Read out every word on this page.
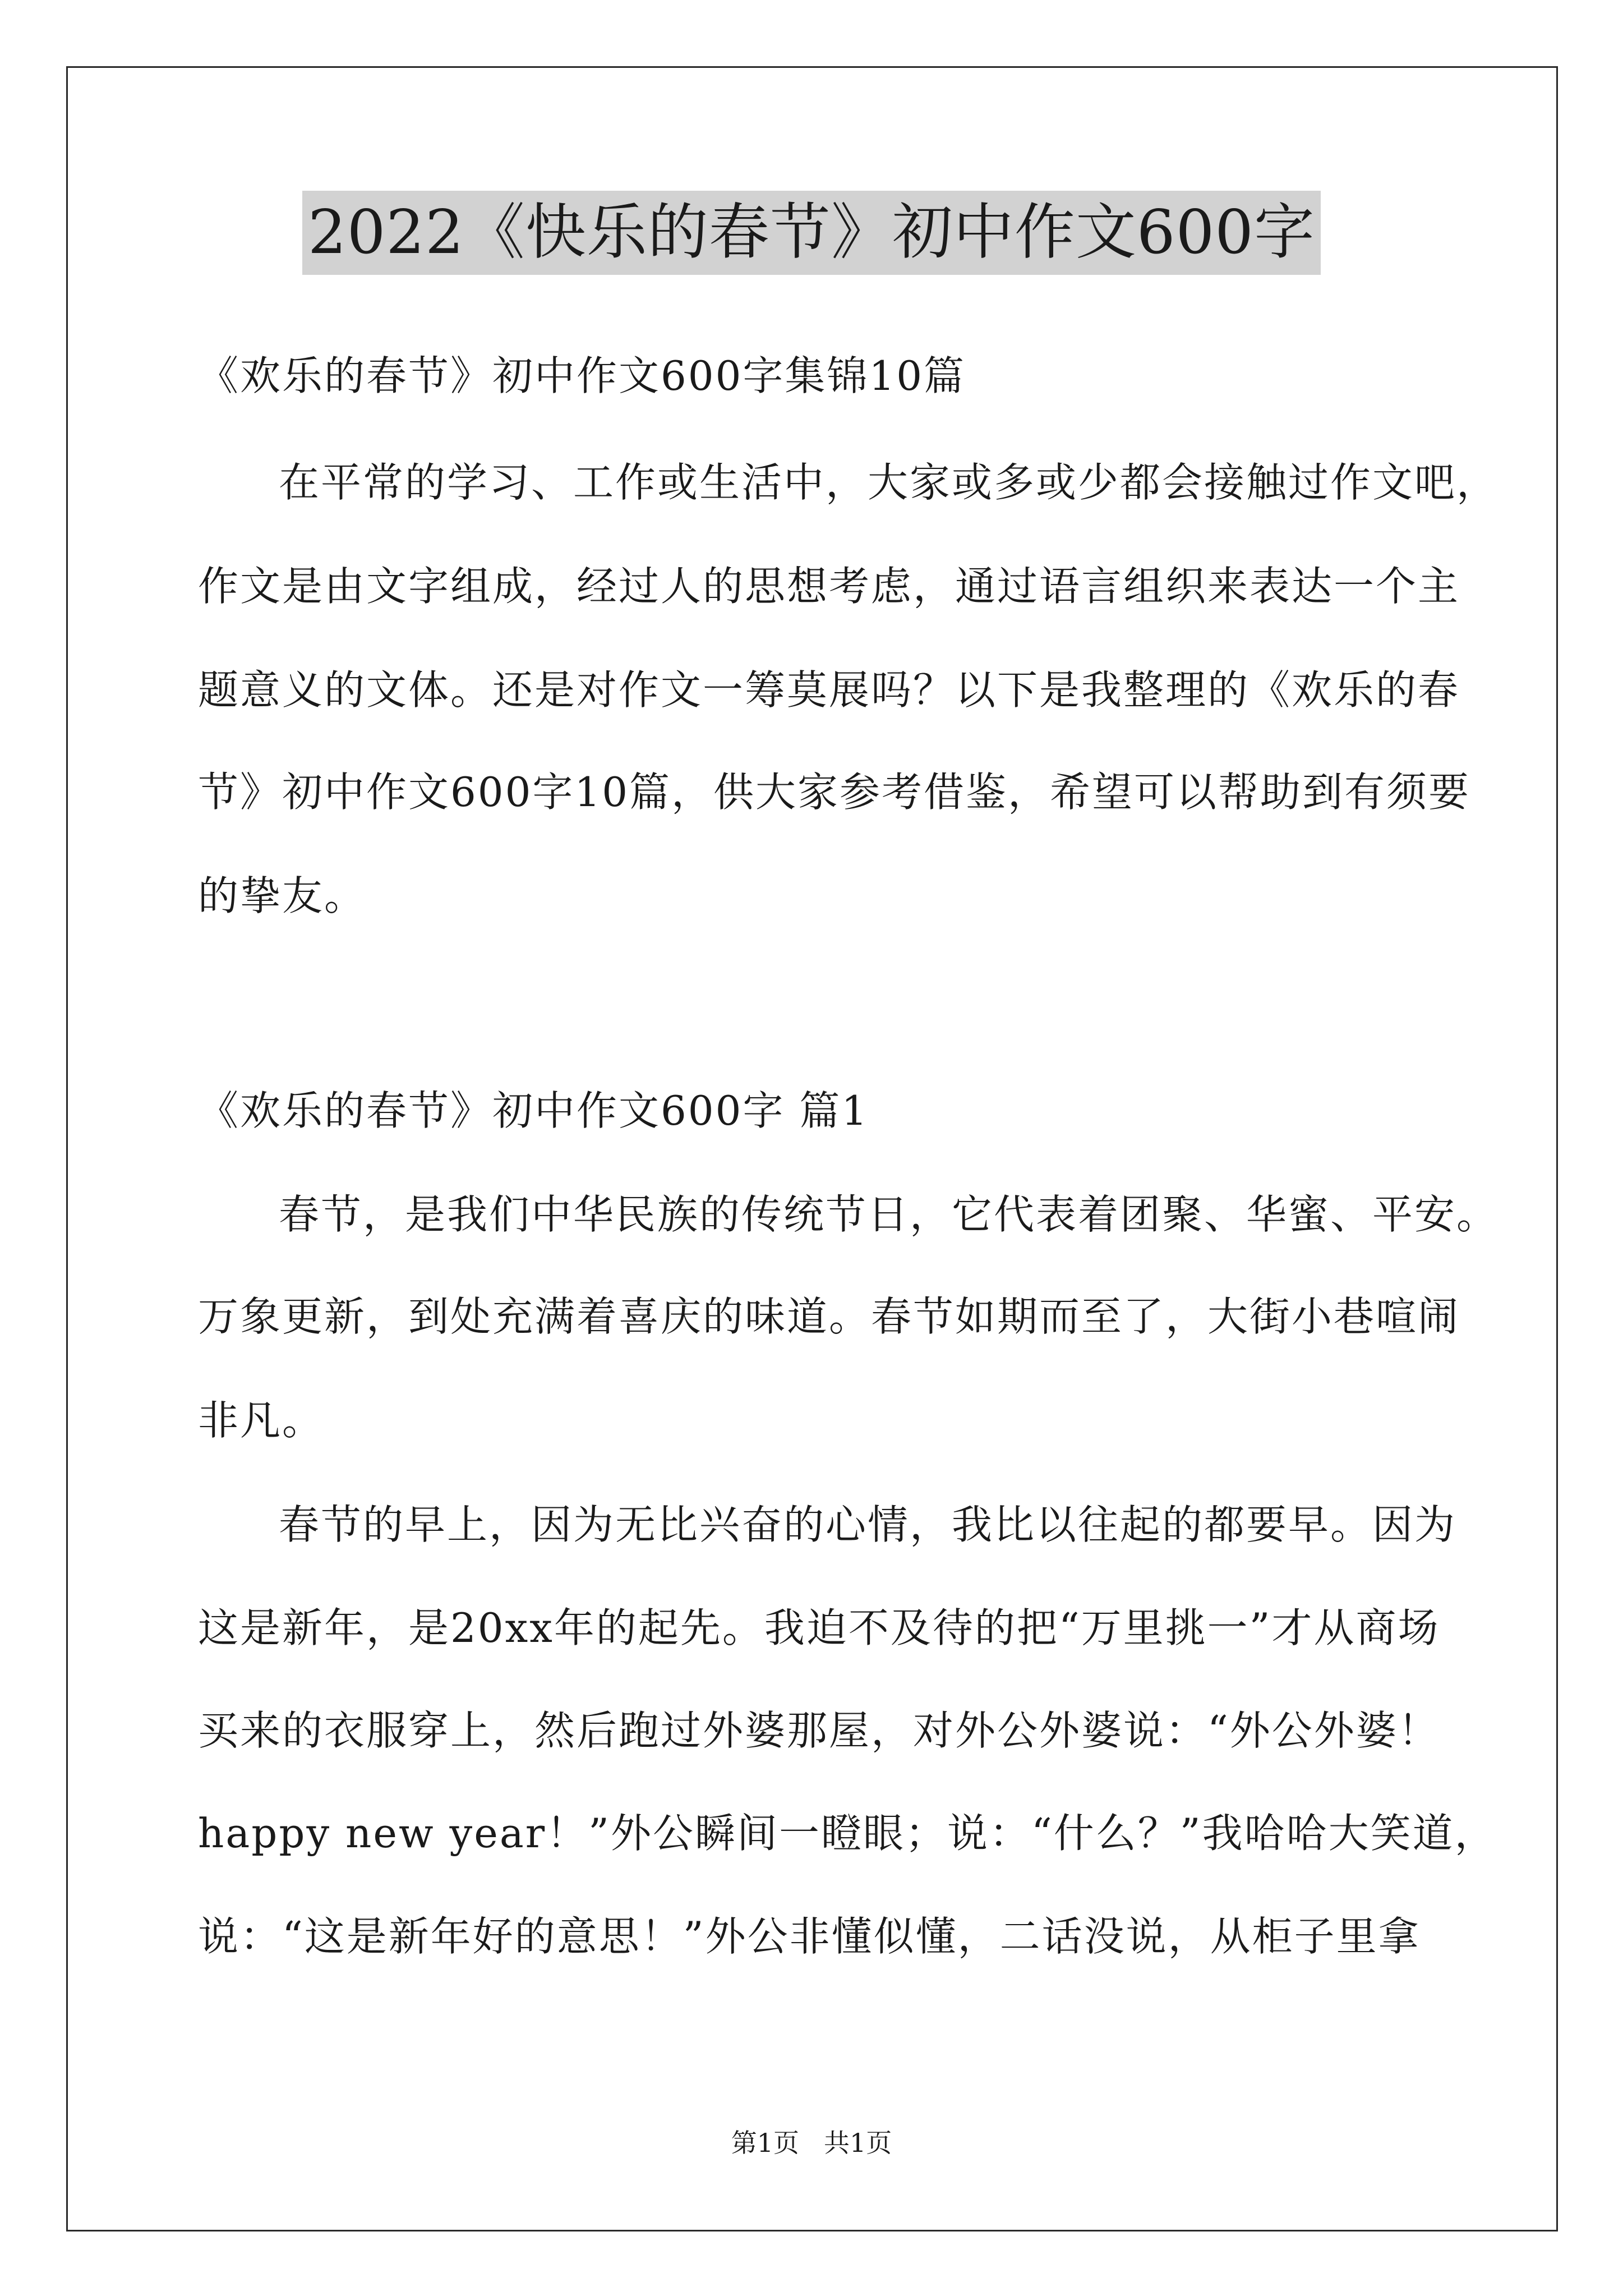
2022《快乐的春节》初中作文600字
《欢乐的春节》初中作文600字集锦10篇
在平常的学习、工作或生活中，大家或多或少都会接触过作文吧，
作文是由文字组成，经过人的思想考虑，通过语言组织来表达一个主
题意义的文体。还是对作文一筹莫展吗？以下是我整理的《欢乐的春
节》初中作文600字10篇，供大家参考借鉴，希望可以帮助到有须要
的挚友。
《欢乐的春节》初中作文600字 篇1
春节，是我们中华民族的传统节日，它代表着团聚、华蜜、平安。
万象更新，到处充满着喜庆的味道。春节如期而至了，大街小巷喧闹
非凡。
春节的早上，因为无比兴奋的心情，我比以往起的都要早。因为
这是新年，是20xx年的起先。我迫不及待的把“万里挑一”才从商场
买来的衣服穿上，然后跑过外婆那屋，对外公外婆说：“外公外婆！
happy new year！”外公瞬间一瞪眼；说：“什么？”我哈哈大笑道，
说：“这是新年好的意思！”外公非懂似懂，二话没说，从柜子里拿
第1页 共1页
